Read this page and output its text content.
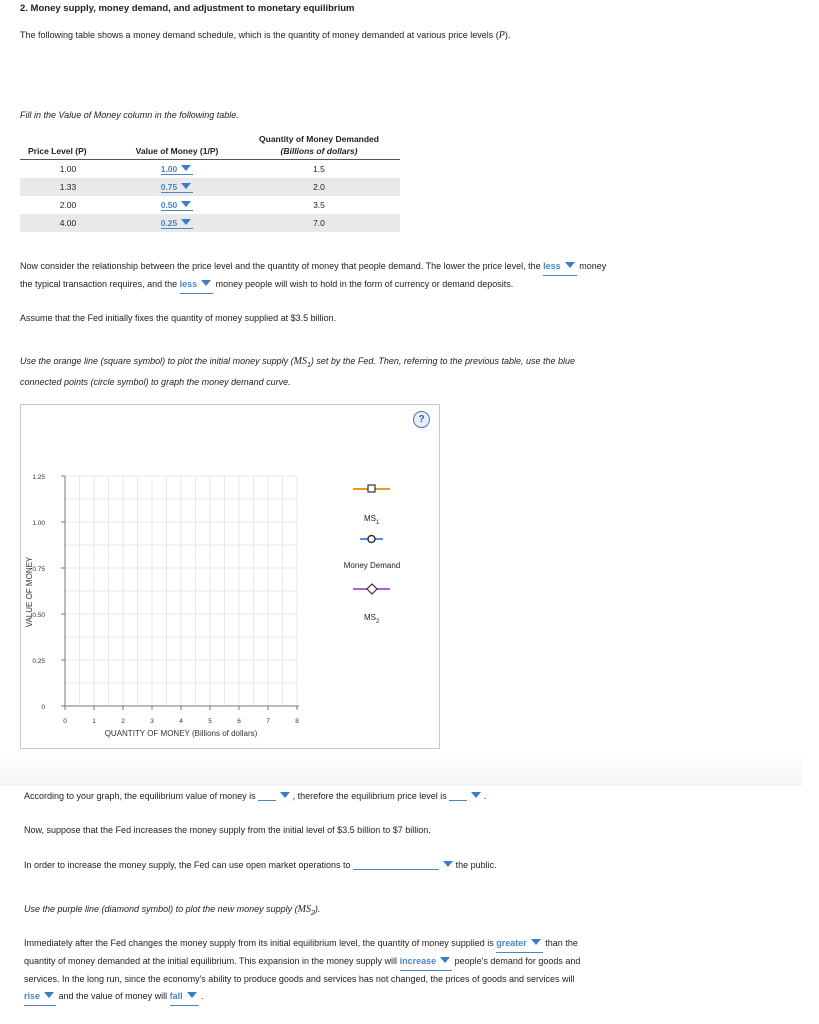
2. Money supply, money demand, and adjustment to monetary equilibrium
The following table shows a money demand schedule, which is the quantity of money demanded at various price levels (P).
Fill in the Value of Money column in the following table.
		Quantity of Money Demanded
Price Level (P)	Value of Money (1/P)	(Billions of dollars)
1.00	1.00	1.5
1.33	0.75	2.0
2.00	0.50	3.5
4.00	0.25	7.0
Now consider the relationship between the price level and the quantity of money that people demand. The lower the price level, the less money
the typical transaction requires, and the less money people will wish to hold in the form of currency or demand deposits.
Assume that the Fed initially fixes the quantity of money supplied at $3.5 billion.
Use the orange line (square symbol) to plot the initial money supply $(MS_1)$ set by the Fed. Then, referring to the previous table, use the blue
connected points (circle symbol) to graph the money demand curve.
?
1.25
1.00
0.75
0.50
0.25
0
0	1	2	3	4	5	6	7	8
VALUE OF MONEY
QUANTITY OF MONEY (Billions of dollars)
$MS_1$
Money Demand
$MS_2$
According to your graph, the equilibrium value of money is	, therefore the equilibrium price level is	.
Now, suppose that the Fed increases the money supply from the initial level of $3.5 billion to $7 billion.
In order to increase the money supply, the Fed can use open market operations to	the public.
Use the purple line (diamond symbol) to plot the new money supply $(MS_2)$.
Immediately after the Fed changes the money supply from its initial equilibrium level, the quantity of money supplied is greater than the
quantity of money demanded at the initial equilibrium. This expansion in the money supply will increase people's demand for goods and
services. In the long run, since the economy's ability to produce goods and services has not changed, the prices of goods and services will
rise and the value of money will fall .
